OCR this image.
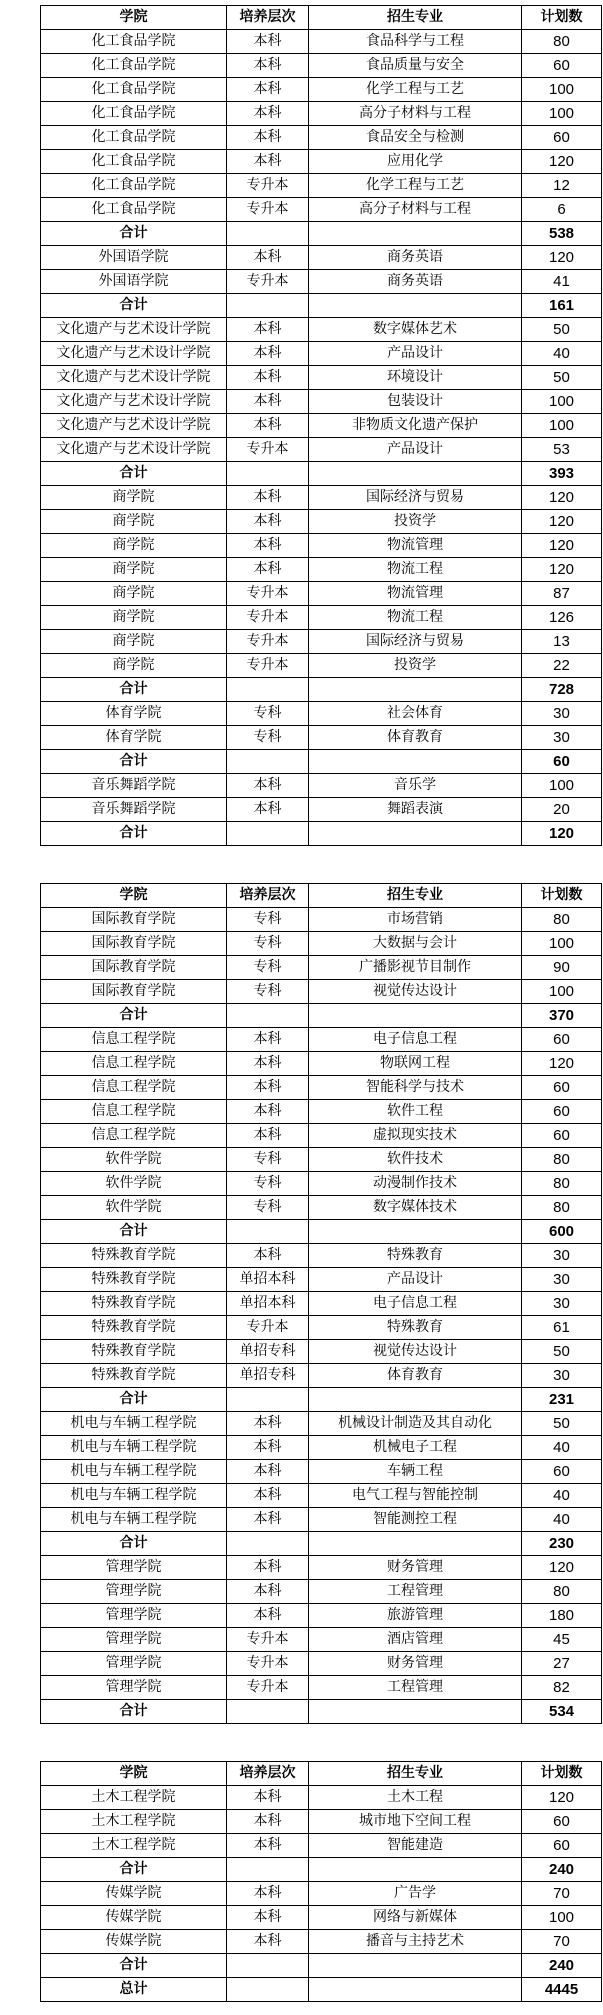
学院	培养层次	招生专业	计划数
化工食品学院	本科	食品科学与工程	80
化工食品学院	本科	食品质量与安全	60
化工食品学院	本科	化学工程与工艺	100
化工食品学院	本科	高分子材料与工程	100
化工食品学院	本科	食品安全与检测	60
化工食品学院	本科	应用化学	120
化工食品学院	专升本	化学工程与工艺	12
化工食品学院	专升本	高分子材料与工程	6
合计			538
外国语学院	本科	商务英语	120
外国语学院	专升本	商务英语	41
合计			161
文化遗产与艺术设计学院	本科	数字媒体艺术	50
文化遗产与艺术设计学院	本科	产品设计	40
文化遗产与艺术设计学院	本科	环境设计	50
文化遗产与艺术设计学院	本科	包装设计	100
文化遗产与艺术设计学院	本科	非物质文化遗产保护	100
文化遗产与艺术设计学院	专升本	产品设计	53
合计			393
商学院	本科	国际经济与贸易	120
商学院	本科	投资学	120
商学院	本科	物流管理	120
商学院	本科	物流工程	120
商学院	专升本	物流管理	87
商学院	专升本	物流工程	126
商学院	专升本	国际经济与贸易	13
商学院	专升本	投资学	22
合计			728
体育学院	专科	社会体育	30
体育学院	专科	体育教育	30
合计			60
音乐舞蹈学院	本科	音乐学	100
音乐舞蹈学院	本科	舞蹈表演	20
合计			120
学院	培养层次	招生专业	计划数
国际教育学院	专科	市场营销	80
国际教育学院	专科	大数据与会计	100
国际教育学院	专科	广播影视节目制作	90
国际教育学院	专科	视觉传达设计	100
合计			370
信息工程学院	本科	电子信息工程	60
信息工程学院	本科	物联网工程	120
信息工程学院	本科	智能科学与技术	60
信息工程学院	本科	软件工程	60
信息工程学院	本科	虚拟现实技术	60
软件学院	专科	软件技术	80
软件学院	专科	动漫制作技术	80
软件学院	专科	数字媒体技术	80
合计			600
特殊教育学院	本科	特殊教育	30
特殊教育学院	单招本科	产品设计	30
特殊教育学院	单招本科	电子信息工程	30
特殊教育学院	专升本	特殊教育	61
特殊教育学院	单招专科	视觉传达设计	50
特殊教育学院	单招专科	体育教育	30
合计			231
机电与车辆工程学院	本科	机械设计制造及其自动化	50
机电与车辆工程学院	本科	机械电子工程	40
机电与车辆工程学院	本科	车辆工程	60
机电与车辆工程学院	本科	电气工程与智能控制	40
机电与车辆工程学院	本科	智能测控工程	40
合计			230
管理学院	本科	财务管理	120
管理学院	本科	工程管理	80
管理学院	本科	旅游管理	180
管理学院	专升本	酒店管理	45
管理学院	专升本	财务管理	27
管理学院	专升本	工程管理	82
合计			534
学院	培养层次	招生专业	计划数
土木工程学院	本科	土木工程	120
土木工程学院	本科	城市地下空间工程	60
土木工程学院	本科	智能建造	60
合计			240
传媒学院	本科	广告学	70
传媒学院	本科	网络与新媒体	100
传媒学院	本科	播音与主持艺术	70
合计			240
总计			4445
